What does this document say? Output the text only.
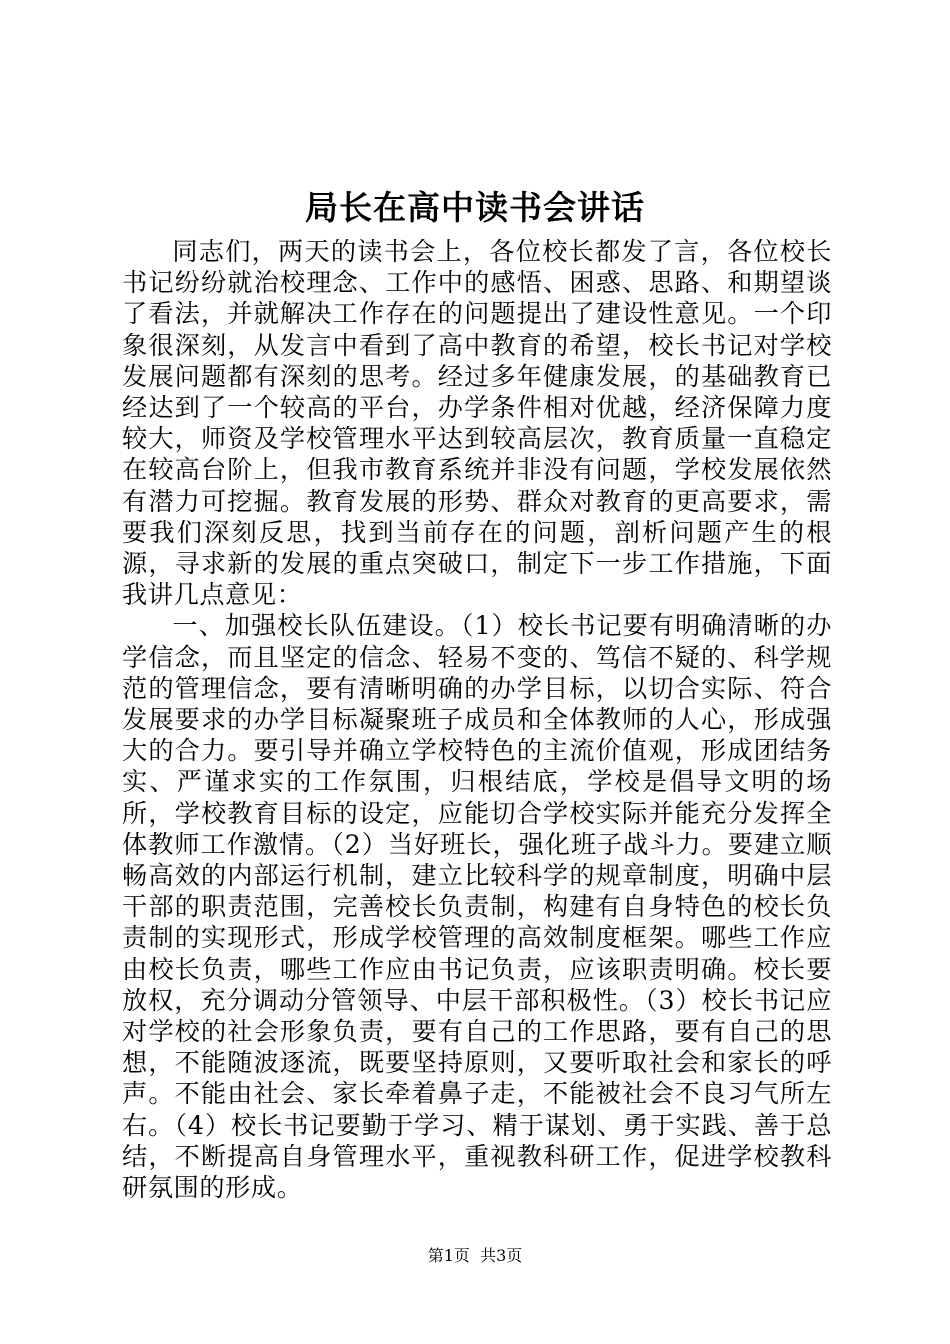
局长在高中读书会讲话

同志们，两天的读书会上，各位校长都发了言，各位校长书记纷纷就治校理念、工作中的感悟、困惑、思路、和期望谈了看法，并就解决工作存在的问题提出了建设性意见。一个印象很深刻，从发言中看到了高中教育的希望，校长书记对学校发展问题都有深刻的思考。经过多年健康发展，的基础教育已经达到了一个较高的平台，办学条件相对优越，经济保障力度较大，师资及学校管理水平达到较高层次，教育质量一直稳定在较高台阶上，但我市教育系统并非没有问题，学校发展依然有潜力可挖掘。教育发展的形势、群众对教育的更高要求，需要我们深刻反思，找到当前存在的问题，剖析问题产生的根源，寻求新的发展的重点突破口，制定下一步工作措施，下面我讲几点意见：

一、加强校长队伍建设。（1）校长书记要有明确清晰的办学信念，而且坚定的信念、轻易不变的、笃信不疑的、科学规范的管理信念，要有清晰明确的办学目标，以切合实际、符合发展要求的办学目标凝聚班子成员和全体教师的人心，形成强大的合力。要引导并确立学校特色的主流价值观，形成团结务实、严谨求实的工作氛围，归根结底，学校是倡导文明的场所，学校教育目标的设定，应能切合学校实际并能充分发挥全体教师工作激情。（2）当好班长，强化班子战斗力。要建立顺畅高效的内部运行机制，建立比较科学的规章制度，明确中层干部的职责范围，完善校长负责制，构建有自身特色的校长负责制的实现形式，形成学校管理的高效制度框架。哪些工作应由校长负责，哪些工作应由书记负责，应该职责明确。校长要放权，充分调动分管领导、中层干部积极性。（3）校长书记应对学校的社会形象负责，要有自己的工作思路，要有自己的思想，不能随波逐流，既要坚持原则，又要听取社会和家长的呼声。不能由社会、家长牵着鼻子走，不能被社会不良习气所左右。（4）校长书记要勤于学习、精于谋划、勇于实践、善于总结，不断提高自身管理水平，重视教科研工作，促进学校教科研氛围的形成。

第1页  共3页
